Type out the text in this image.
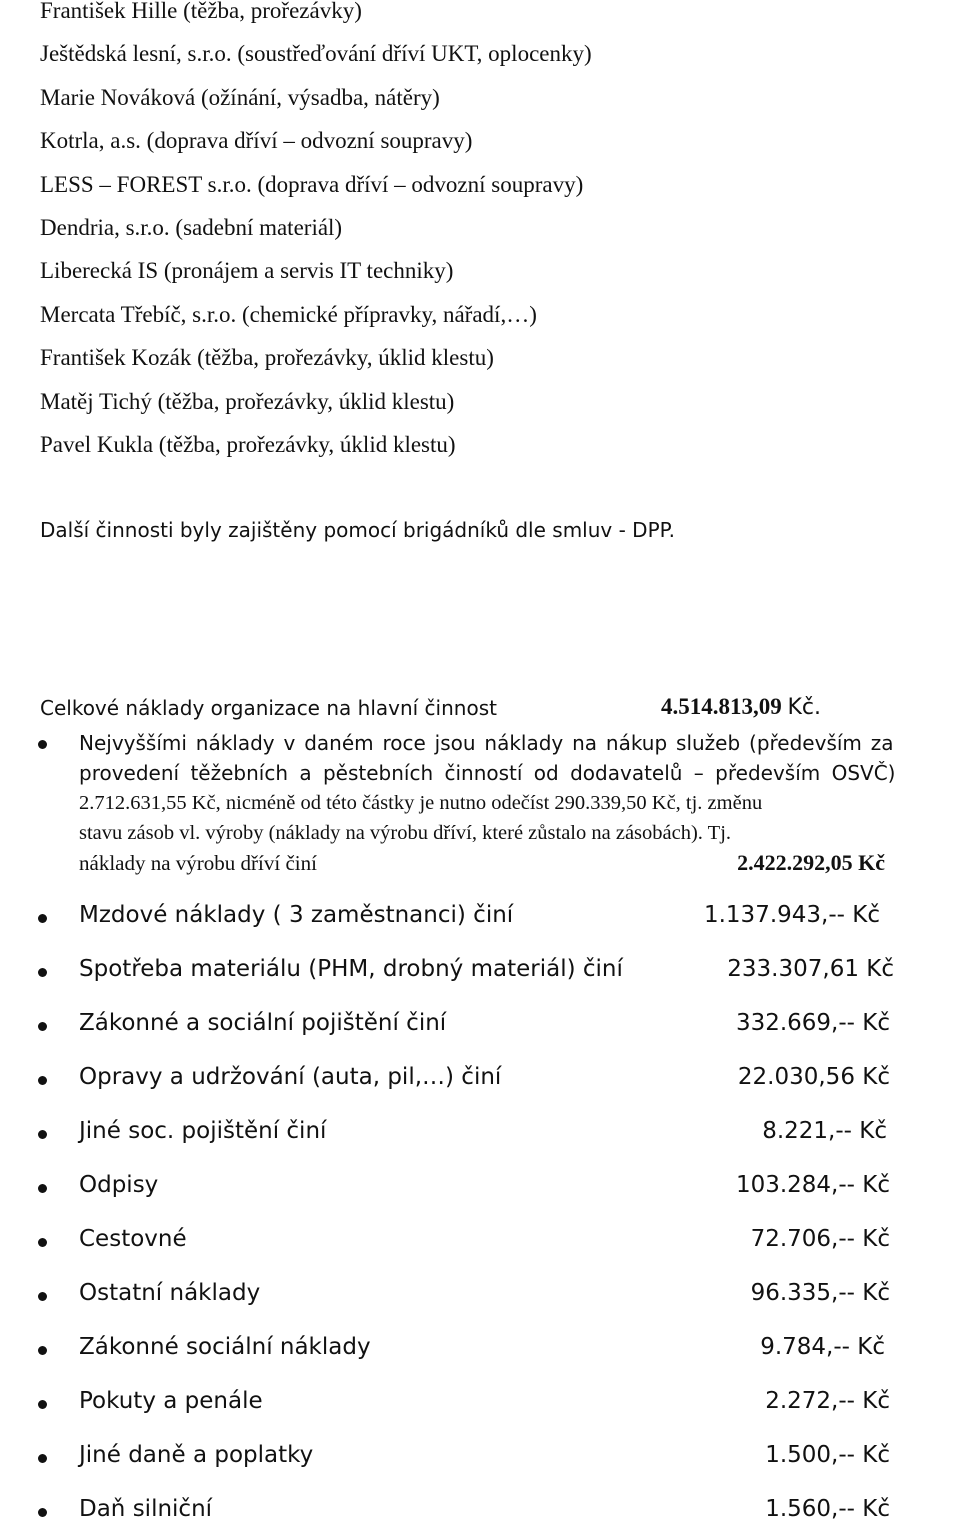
František Hille (těžba, prořezávky)
Ještědská lesní, s.r.o. (soustřeďování dříví UKT, oplocenky)
Marie Nováková (ožínání, výsadba, nátěry)
Kotrla, a.s. (doprava dříví – odvozní soupravy)
LESS – FOREST s.r.o. (doprava dříví – odvozní soupravy)
Dendria, s.r.o. (sadební materiál)
Liberecká IS (pronájem a servis IT techniky)
Mercata Třebíč, s.r.o. (chemické přípravky, nářadí,…)
František Kozák (těžba, prořezávky, úklid klestu)
Matěj Tichý (těžba, prořezávky, úklid klestu)
Pavel Kukla (těžba, prořezávky, úklid klestu)
Další činnosti byly zajištěny pomocí brigádníků dle smluv - DPP.
Celkové náklady organizace na hlavní činnost	4.514.813,09 Kč.
Nejvyššími náklady v daném roce jsou náklady na nákup služeb (především za
provedení těžebních a pěstebních činností od dodavatelů – především OSVČ)
2.712.631,55 Kč, nicméně od této částky je nutno odečíst 290.339,50 Kč, tj. změnu
stavu zásob vl. výroby (náklady na výrobu dříví, které zůstalo na zásobách). Tj.
náklady na výrobu dříví činí	2.422.292,05 Kč
Mzdové náklady ( 3 zaměstnanci) činí	1.137.943,-- Kč
Spotřeba materiálu (PHM, drobný materiál) činí	233.307,61 Kč
Zákonné a sociální pojištění činí	332.669,-- Kč
Opravy a udržování (auta, pil,…) činí	22.030,56 Kč
Jiné soc. pojištění činí	8.221,-- Kč
Odpisy	103.284,-- Kč
Cestovné	72.706,-- Kč
Ostatní náklady	96.335,-- Kč
Zákonné sociální náklady	9.784,-- Kč
Pokuty a penále	2.272,-- Kč
Jiné daně a poplatky	1.500,-- Kč
Daň silniční	1.560,-- Kč
